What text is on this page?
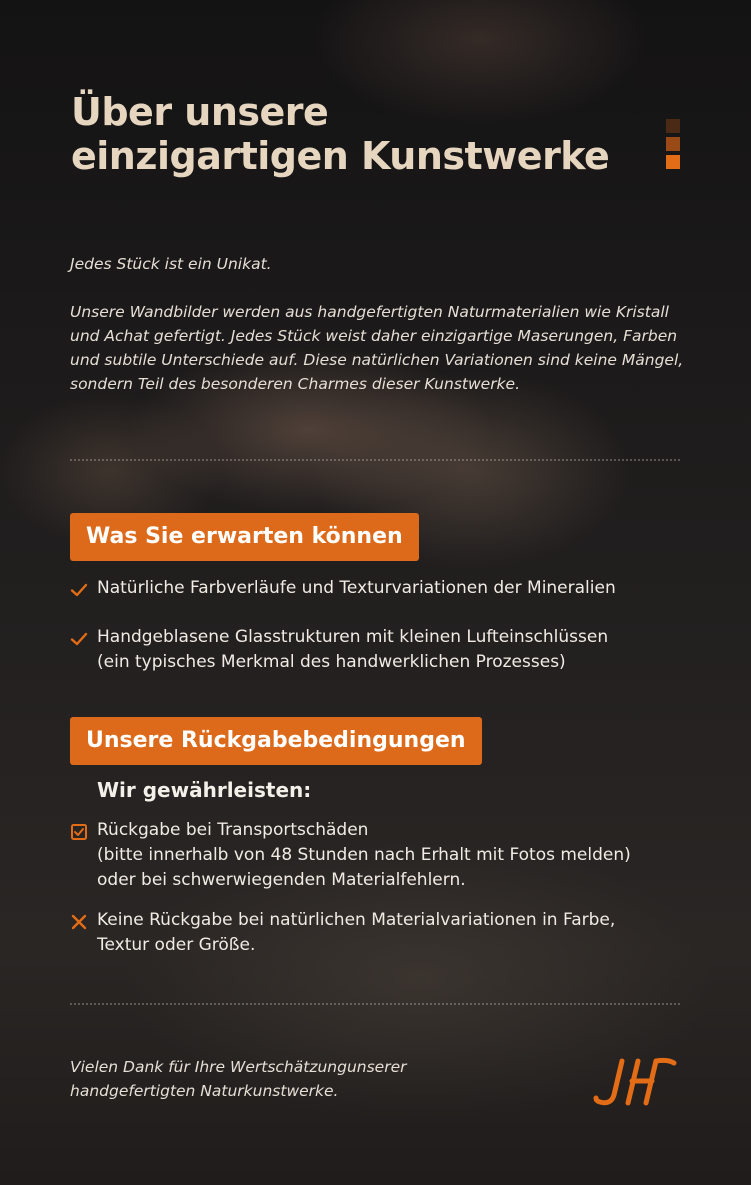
Über unsere
einzigartigen Kunstwerke

Jedes Stück ist ein Unikat.

Unsere Wandbilder werden aus handgefertigten Naturmaterialien wie Kristall und Achat gefertigt. Jedes Stück weist daher einzigartige Maserungen, Farben und subtile Unterschiede auf. Diese natürlichen Variationen sind keine Mängel, sondern Teil des besonderen Charmes dieser Kunstwerke.

Was Sie erwarten können
Natürliche Farbverläufe und Texturvariationen der Mineralien
Handgeblasene Glasstrukturen mit kleinen Lufteinschlüssen
(ein typisches Merkmal des handwerklichen Prozesses)
Unsere Rückgabebedingungen
Wir gewährleisten:
Rückgabe bei Transportschäden
(bitte innerhalb von 48 Stunden nach Erhalt mit Fotos melden)
oder bei schwerwiegenden Materialfehlern.
Keine Rückgabe bei natürlichen Materialvariationen in Farbe,
Textur oder Größe.
Vielen Dank für Ihre Wertschätzungunserer
handgefertigten Naturkunstwerke.
